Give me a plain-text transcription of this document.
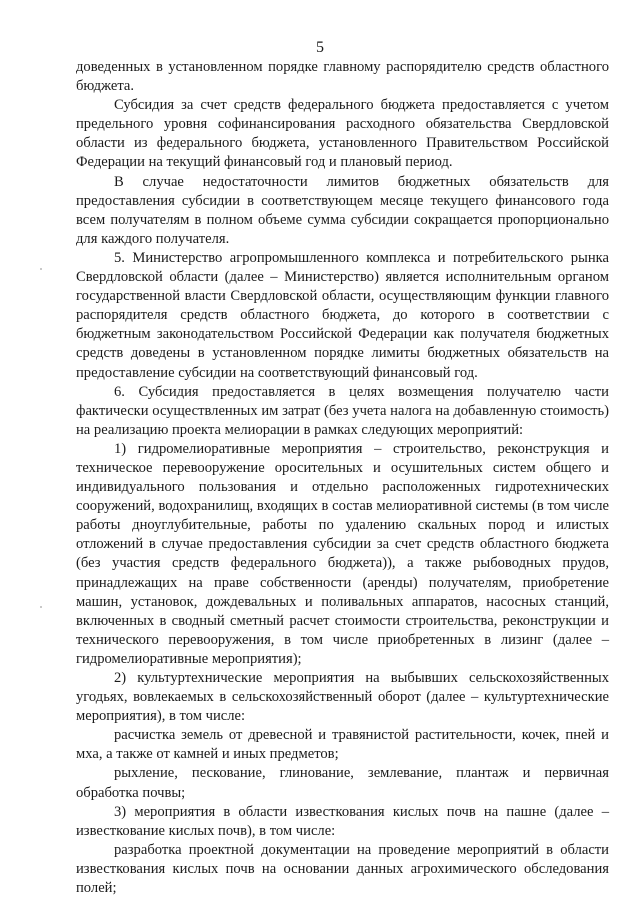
5

доведенных в установленном порядке главному распорядителю средств областного бюджета.

Субсидия за счет средств федерального бюджета предоставляется с учетом предельного уровня софинансирования расходного обязательства Свердловской области из федерального бюджета, установленного Правительством Российской Федерации на текущий финансовый год и плановый период.

В случае недостаточности лимитов бюджетных обязательств для предоставления субсидии в соответствующем месяце текущего финансового года всем получателям в полном объеме сумма субсидии сокращается пропорционально для каждого получателя.

5. Министерство агропромышленного комплекса и потребительского рынка Свердловской области (далее – Министерство) является исполнительным органом государственной власти Свердловской области, осуществляющим функции главного распорядителя средств областного бюджета, до которого в соответствии с бюджетным законодательством Российской Федерации как получателя бюджетных средств доведены в установленном порядке лимиты бюджетных обязательств на предоставление субсидии на соответствующий финансовый год.

6. Субсидия предоставляется в целях возмещения получателю части фактически осуществленных им затрат (без учета налога на добавленную стоимость) на реализацию проекта мелиорации в рамках следующих мероприятий:

1) гидромелиоративные мероприятия – строительство, реконструкция и техническое перевооружение оросительных и осушительных систем общего и индивидуального пользования и отдельно расположенных гидротехнических сооружений, водохранилищ, входящих в состав мелиоративной системы (в том числе работы дноуглубительные, работы по удалению скальных пород и илистых отложений в случае предоставления субсидии за счет средств областного бюджета (без участия средств федерального бюджета)), а также рыбоводных прудов, принадлежащих на праве собственности (аренды) получателям, приобретение машин, установок, дождевальных и поливальных аппаратов, насосных станций, включенных в сводный сметный расчет стоимости строительства, реконструкции и технического перевооружения, в том числе приобретенных в лизинг (далее – гидромелиоративные мероприятия);

2) культуртехнические мероприятия на выбывших сельскохозяйственных угодьях, вовлекаемых в сельскохозяйственный оборот (далее – культуртехнические мероприятия), в том числе:

расчистка земель от древесной и травянистой растительности, кочек, пней и мха, а также от камней и иных предметов;

рыхление, пескование, глинование, землевание, плантаж и первичная обработка почвы;

3) мероприятия в области известкования кислых почв на пашне (далее – известкование кислых почв), в том числе:

разработка проектной документации на проведение мероприятий в области известкования кислых почв на основании данных агрохимического обследования полей;
